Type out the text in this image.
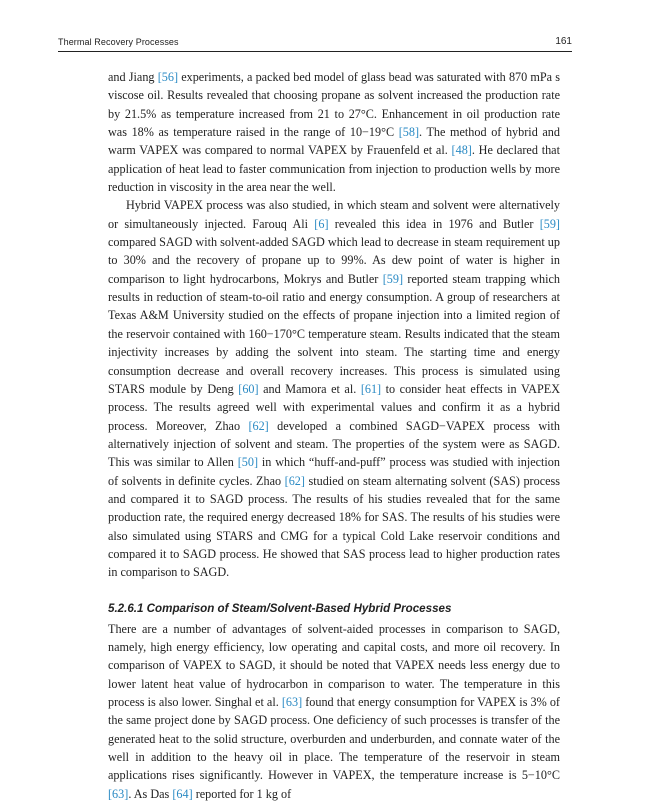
Thermal Recovery Processes	161

and Jiang [56] experiments, a packed bed model of glass bead was saturated with 870 mPa s viscose oil. Results revealed that choosing propane as solvent increased the production rate by 21.5% as temperature increased from 21 to 27°C. Enhancement in oil production rate was 18% as temperature raised in the range of 10−19°C [58]. The method of hybrid and warm VAPEX was compared to normal VAPEX by Frauenfeld et al. [48]. He declared that application of heat lead to faster communication from injection to production wells by more reduction in viscosity in the area near the well.

Hybrid VAPEX process was also studied, in which steam and solvent were alternatively or simultaneously injected. Farouq Ali [6] revealed this idea in 1976 and Butler [59] compared SAGD with solvent-added SAGD which lead to decrease in steam requirement up to 30% and the recovery of propane up to 99%. As dew point of water is higher in comparison to light hydrocarbons, Mokrys and Butler [59] reported steam trapping which results in reduction of steam-to-oil ratio and energy consumption. A group of researchers at Texas A&M University studied on the effects of propane injection into a limited region of the reservoir contained with 160−170°C temperature steam. Results indicated that the steam injectivity increases by adding the solvent into steam. The starting time and energy consumption decrease and overall recovery increases. This process is simulated using STARS module by Deng [60] and Mamora et al. [61] to consider heat effects in VAPEX process. The results agreed well with experimental values and confirm it as a hybrid process. Moreover, Zhao [62] developed a combined SAGD−VAPEX process with alternatively injection of solvent and steam. The properties of the system were as SAGD. This was similar to Allen [50] in which “huff-and-puff” process was studied with injection of solvents in definite cycles. Zhao [62] studied on steam alternating solvent (SAS) process and compared it to SAGD process. The results of his studies revealed that for the same production rate, the required energy decreased 18% for SAS. The results of his studies were also simulated using STARS and CMG for a typical Cold Lake reservoir conditions and compared it to SAGD process. He showed that SAS process lead to higher production rates in comparison to SAGD.

5.2.6.1 Comparison of Steam/Solvent-Based Hybrid Processes

There are a number of advantages of solvent-aided processes in comparison to SAGD, namely, high energy efficiency, low operating and capital costs, and more oil recovery. In comparison of VAPEX to SAGD, it should be noted that VAPEX needs less energy due to lower latent heat value of hydrocarbon in comparison to water. The temperature in this process is also lower. Singhal et al. [63] found that energy consumption for VAPEX is 3% of the same project done by SAGD process. One deficiency of such processes is transfer of the generated heat to the solid structure, overburden and underburden, and connate water of the well in addition to the heavy oil in place. The temperature of the reservoir in steam applications rises significantly. However in VAPEX, the temperature increase is 5−10°C [63]. As Das [64] reported for 1 kg of
